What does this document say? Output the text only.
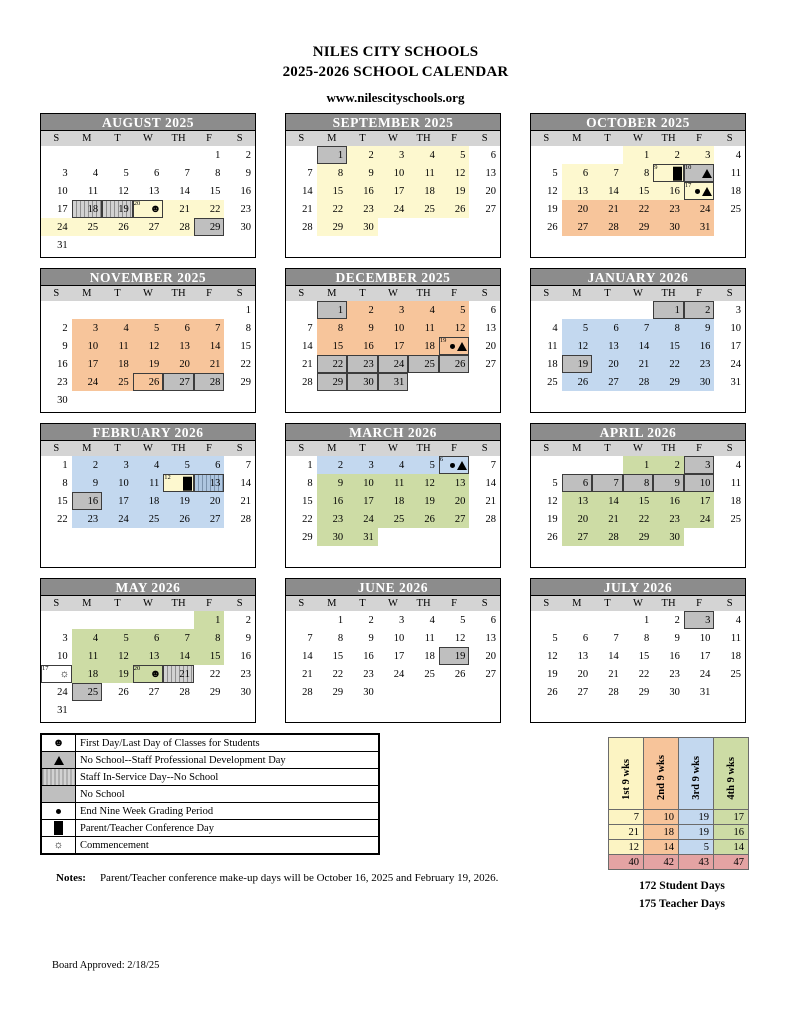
NILES CITY SCHOOLS
2025-2026 SCHOOL CALENDAR
www.nilescityschools.org
AUGUST 2025
S	M	T	W	TH	F	S
					1	2
3	4	5	6	7	8	9
10	11	12	13	14	15	16
17	18	19	20 ☻	21	22	23
24	25	26	27	28	29	30
31						
SEPTEMBER 2025
S	M	T	W	TH	F	S
	1	2	3	4	5	6
7	8	9	10	11	12	13
14	15	16	17	18	19	20
21	22	23	24	25	26	27
28	29	30				
OCTOBER 2025
S	M	T	W	TH	F	S
			1	2	3	4
5	6	7	8	9	10	11
12	13	14	15	16	17	18
19	20	21	22	23	24	25
26	27	28	29	30	31	
NOVEMBER 2025
S	M	T	W	TH	F	S
						1
2	3	4	5	6	7	8
9	10	11	12	13	14	15
16	17	18	19	20	21	22
23	24	25	26	27	28	29
30						
DECEMBER 2025
S	M	T	W	TH	F	S
	1	2	3	4	5	6
7	8	9	10	11	12	13
14	15	16	17	18	19	20
21	22	23	24	25	26	27
28	29	30	31			
JANUARY 2026
S	M	T	W	TH	F	S
				1	2	3
4	5	6	7	8	9	10
11	12	13	14	15	16	17
18	19	20	21	22	23	24
25	26	27	28	29	30	31
FEBRUARY 2026
S	M	T	W	TH	F	S
1	2	3	4	5	6	7
8	9	10	11	12	13	14
15	16	17	18	19	20	21
22	23	24	25	26	27	28
MARCH 2026
S	M	T	W	TH	F	S
1	2	3	4	5	6	7
8	9	10	11	12	13	14
15	16	17	18	19	20	21
22	23	24	25	26	27	28
29	30	31				
APRIL 2026
S	M	T	W	TH	F	S
			1	2	3	4
5	6	7	8	9	10	11
12	13	14	15	16	17	18
19	20	21	22	23	24	25
26	27	28	29	30		
MAY 2026
S	M	T	W	TH	F	S
					1	2
3	4	5	6	7	8	9
10	11	12	13	14	15	16

17 ☼	18	19	20 ☻	21	22	23
24	25	26	27	28	29	30
31						
JUNE 2026
S	M	T	W	TH	F	S
	1	2	3	4	5	6
7	8	9	10	11	12	13
14	15	16	17	18	19	20
21	22	23	24	25	26	27
28	29	30				
JULY 2026
S	M	T	W	TH	F	S
			1	2	3	4
5	6	7	8	9	10	11
12	13	14	15	16	17	18
19	20	21	22	23	24	25
26	27	28	29	30	31	
☻	First Day/Last Day of Classes for Students

	No School--Staff Professional Development Day

	Staff In-Service Day--No School

	No School

	End Nine Week Grading Period

	Parent/Teacher Conference Day

☼	Commencement
1st 9 wks	2nd 9 wks	3rd 9 wks	4th 9 wks
7	10	19	17
21	18	19	16
12	14	5	14
40	42	43	47
172 Student Days
175 Teacher Days
Notes: Parent/Teacher conference make-up days will be October 16, 2025 and February 19, 2026.
Board Approved: 2/18/25
